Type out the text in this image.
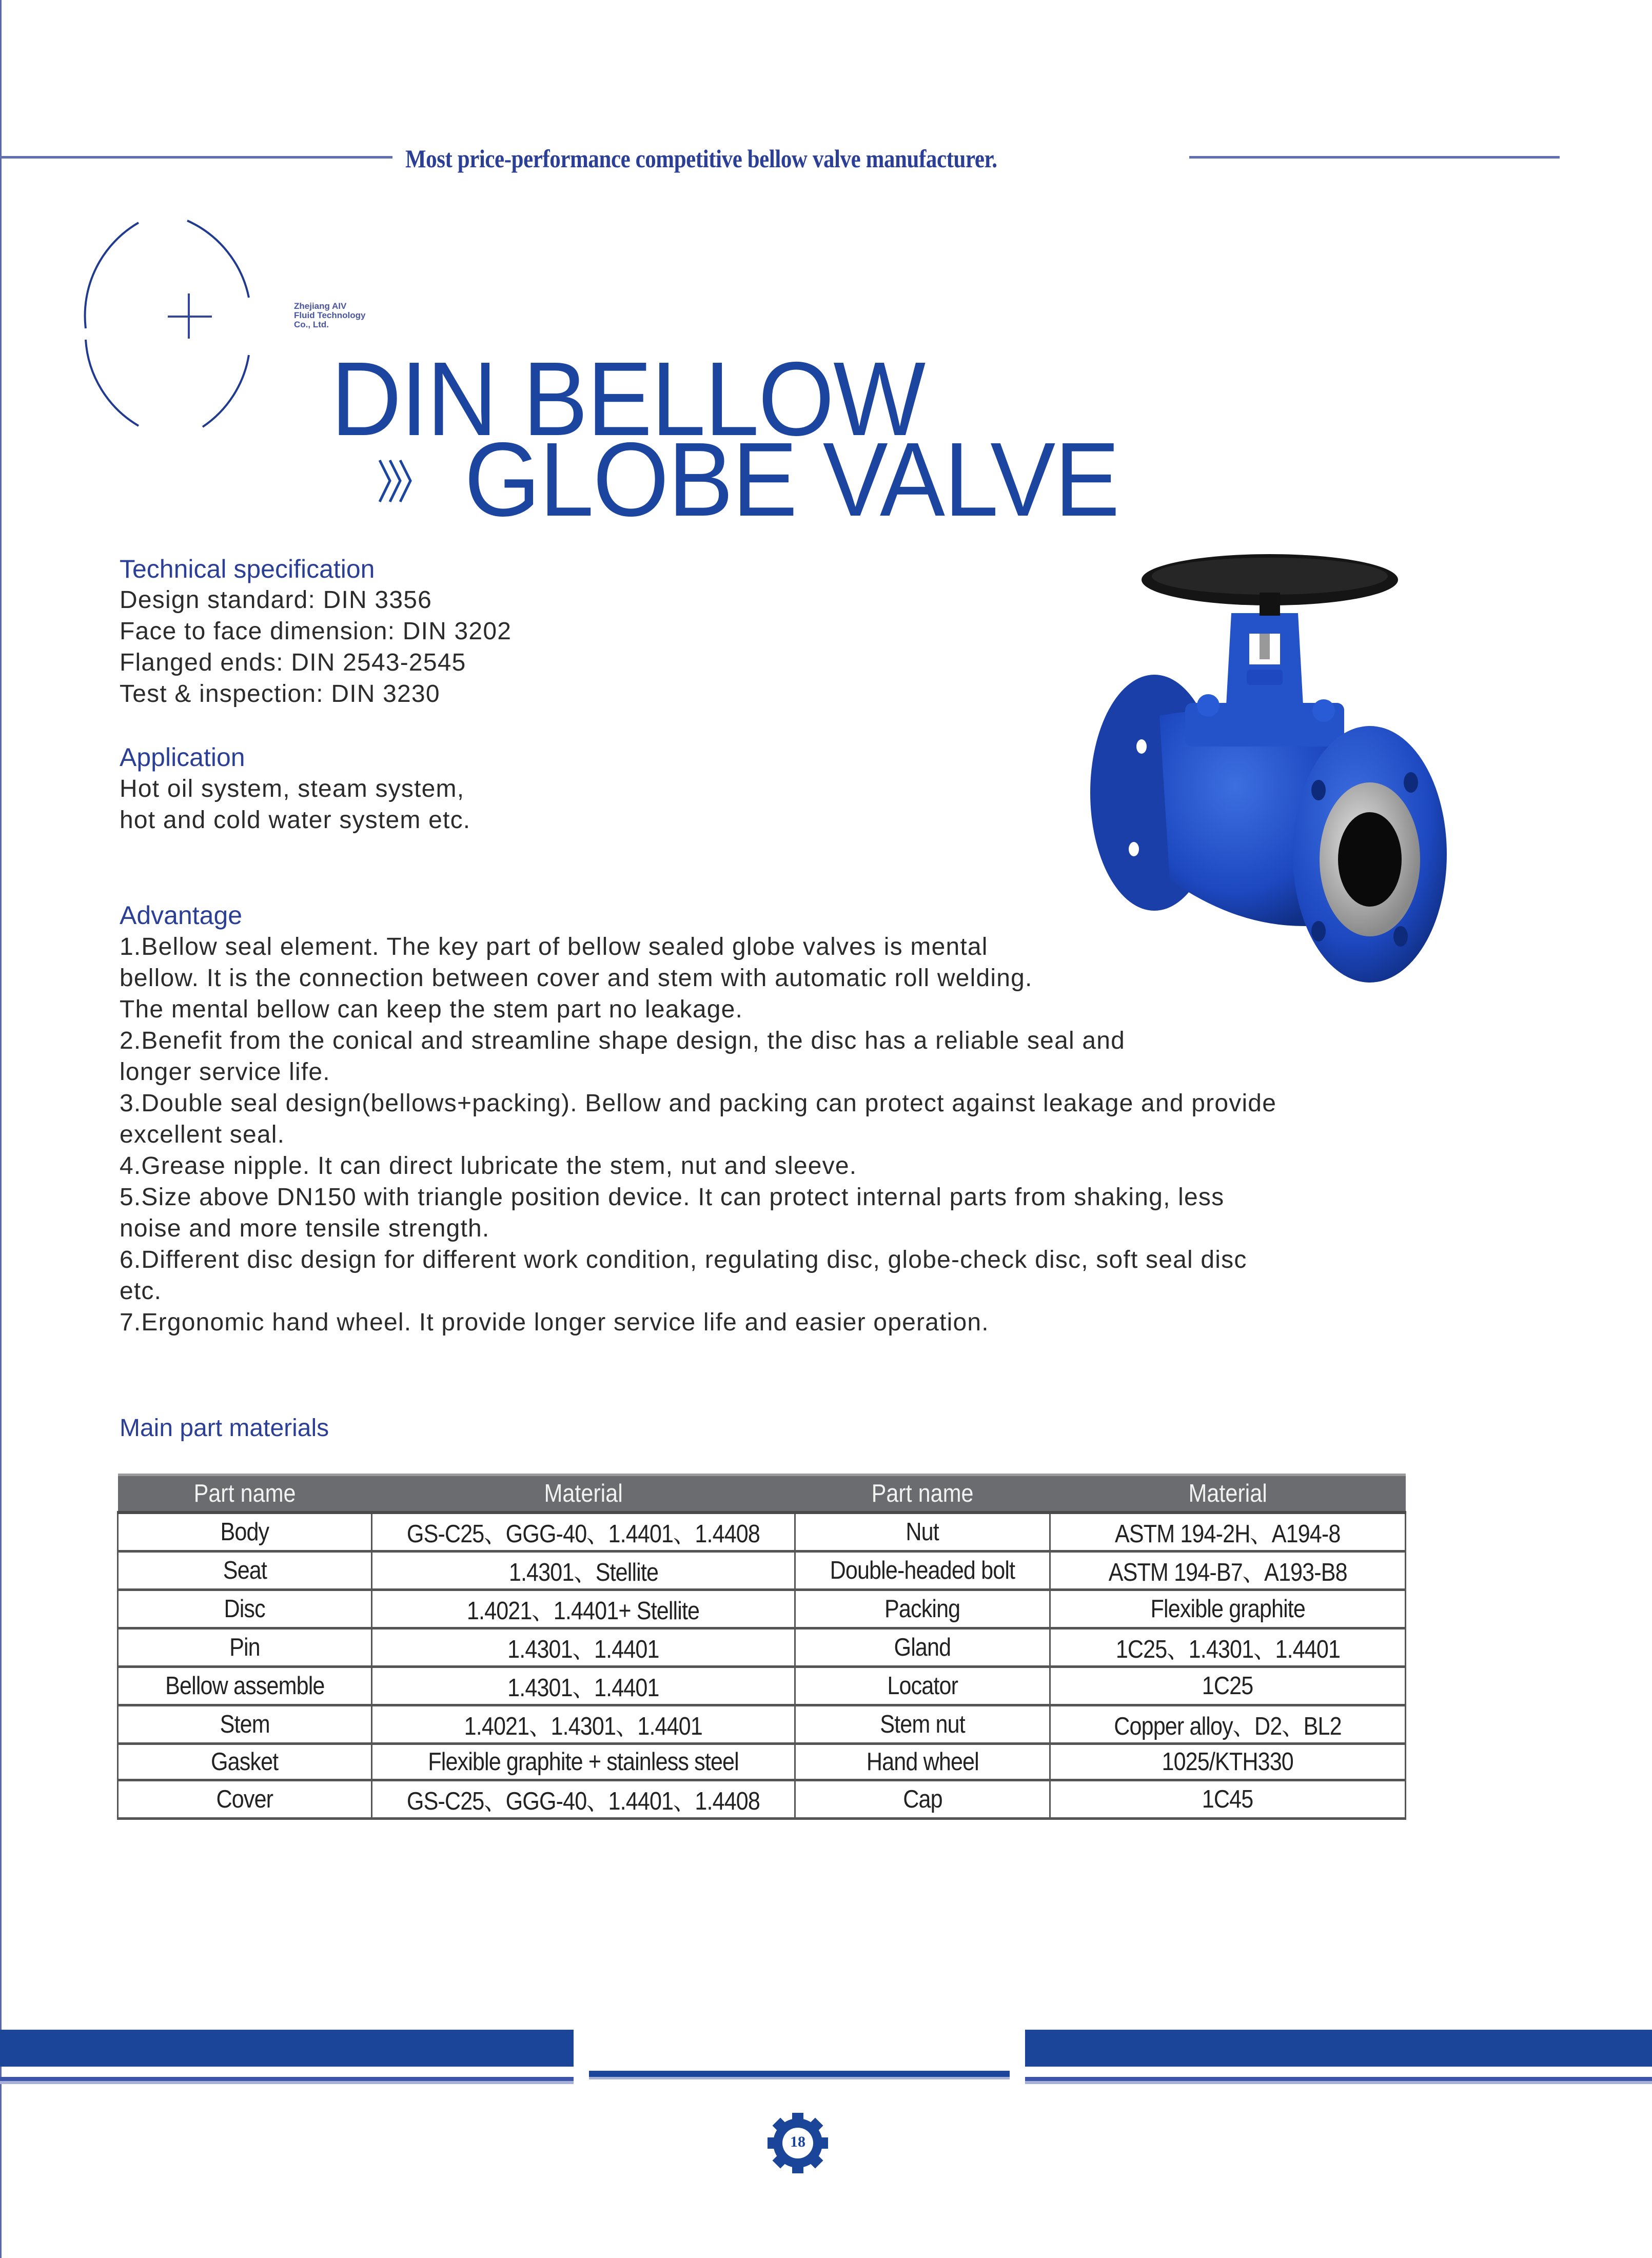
Most price-performance competitive bellow valve manufacturer.
Zhejiang AIV
Fluid Technology
Co., Ltd.
DIN BELLOW
GLOBE VALVE
Technical specification
Design standard: DIN 3356
Face to face dimension: DIN 3202
Flanged ends: DIN 2543-2545
Test & inspection: DIN 3230
Application
Hot oil system, steam system,
hot and cold water system etc.
Advantage
1.Bellow seal element. The key part of bellow sealed globe valves is mental
bellow. It is the connection between cover and stem with automatic roll welding.
The mental bellow can keep the stem part no leakage.
2.Benefit from the conical and streamline shape design, the disc has a reliable seal and
longer service life.
3.Double seal design(bellows+packing). Bellow and packing can protect against leakage and provide
excellent seal.
4.Grease nipple. It can direct lubricate the stem, nut and sleeve.
5.Size above DN150 with triangle position device. It can protect internal parts from shaking, less
noise and more tensile strength.
6.Different disc design for different work condition, regulating disc, globe-check disc, soft seal disc
etc.
7.Ergonomic hand wheel. It provide longer service life and easier operation.
Main part materials
Part name	Material	Part name	Material
Body	GS-C25、GGG-40、1.4401、1.4408	Nut	ASTM 194-2H、A194-8
Seat	1.4301、Stellite	Double-headed bolt	ASTM 194-B7、A193-B8
Disc	1.4021、1.4401+ Stellite	Packing	Flexible graphite
Pin	1.4301、1.4401	Gland	1C25、1.4301、1.4401
Bellow assemble	1.4301、1.4401	Locator	1C25
Stem	1.4021、1.4301、1.4401	Stem nut	Copper alloy、D2、BL2
Gasket	Flexible graphite + stainless steel	Hand wheel	1025/KTH330
Cover	GS-C25、GGG-40、1.4401、1.4408	Cap	1C45
18
